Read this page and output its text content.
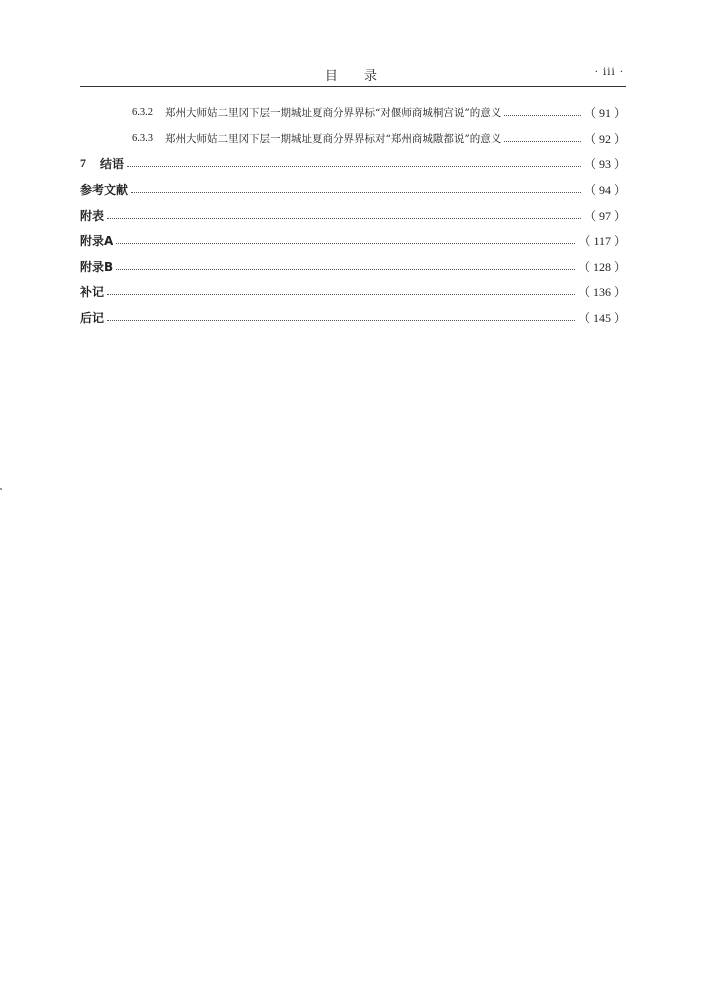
目 录	· iii ·
6.3.2 郑州大师姑二里冈下层一期城址夏商分界界标“对偃师商城桐宫说”的意义	（ 91 ）
6.3.3 郑州大师姑二里冈下层一期城址夏商分界界标对“郑州商城隞都说”的意义	（ 92 ）
7 结语	（ 93 ）
参考文献	（ 94 ）
附表	（ 97 ）
附录A	（ 117 ）
附录B	（ 128 ）
补记	（ 136 ）
后记	（ 145 ）
